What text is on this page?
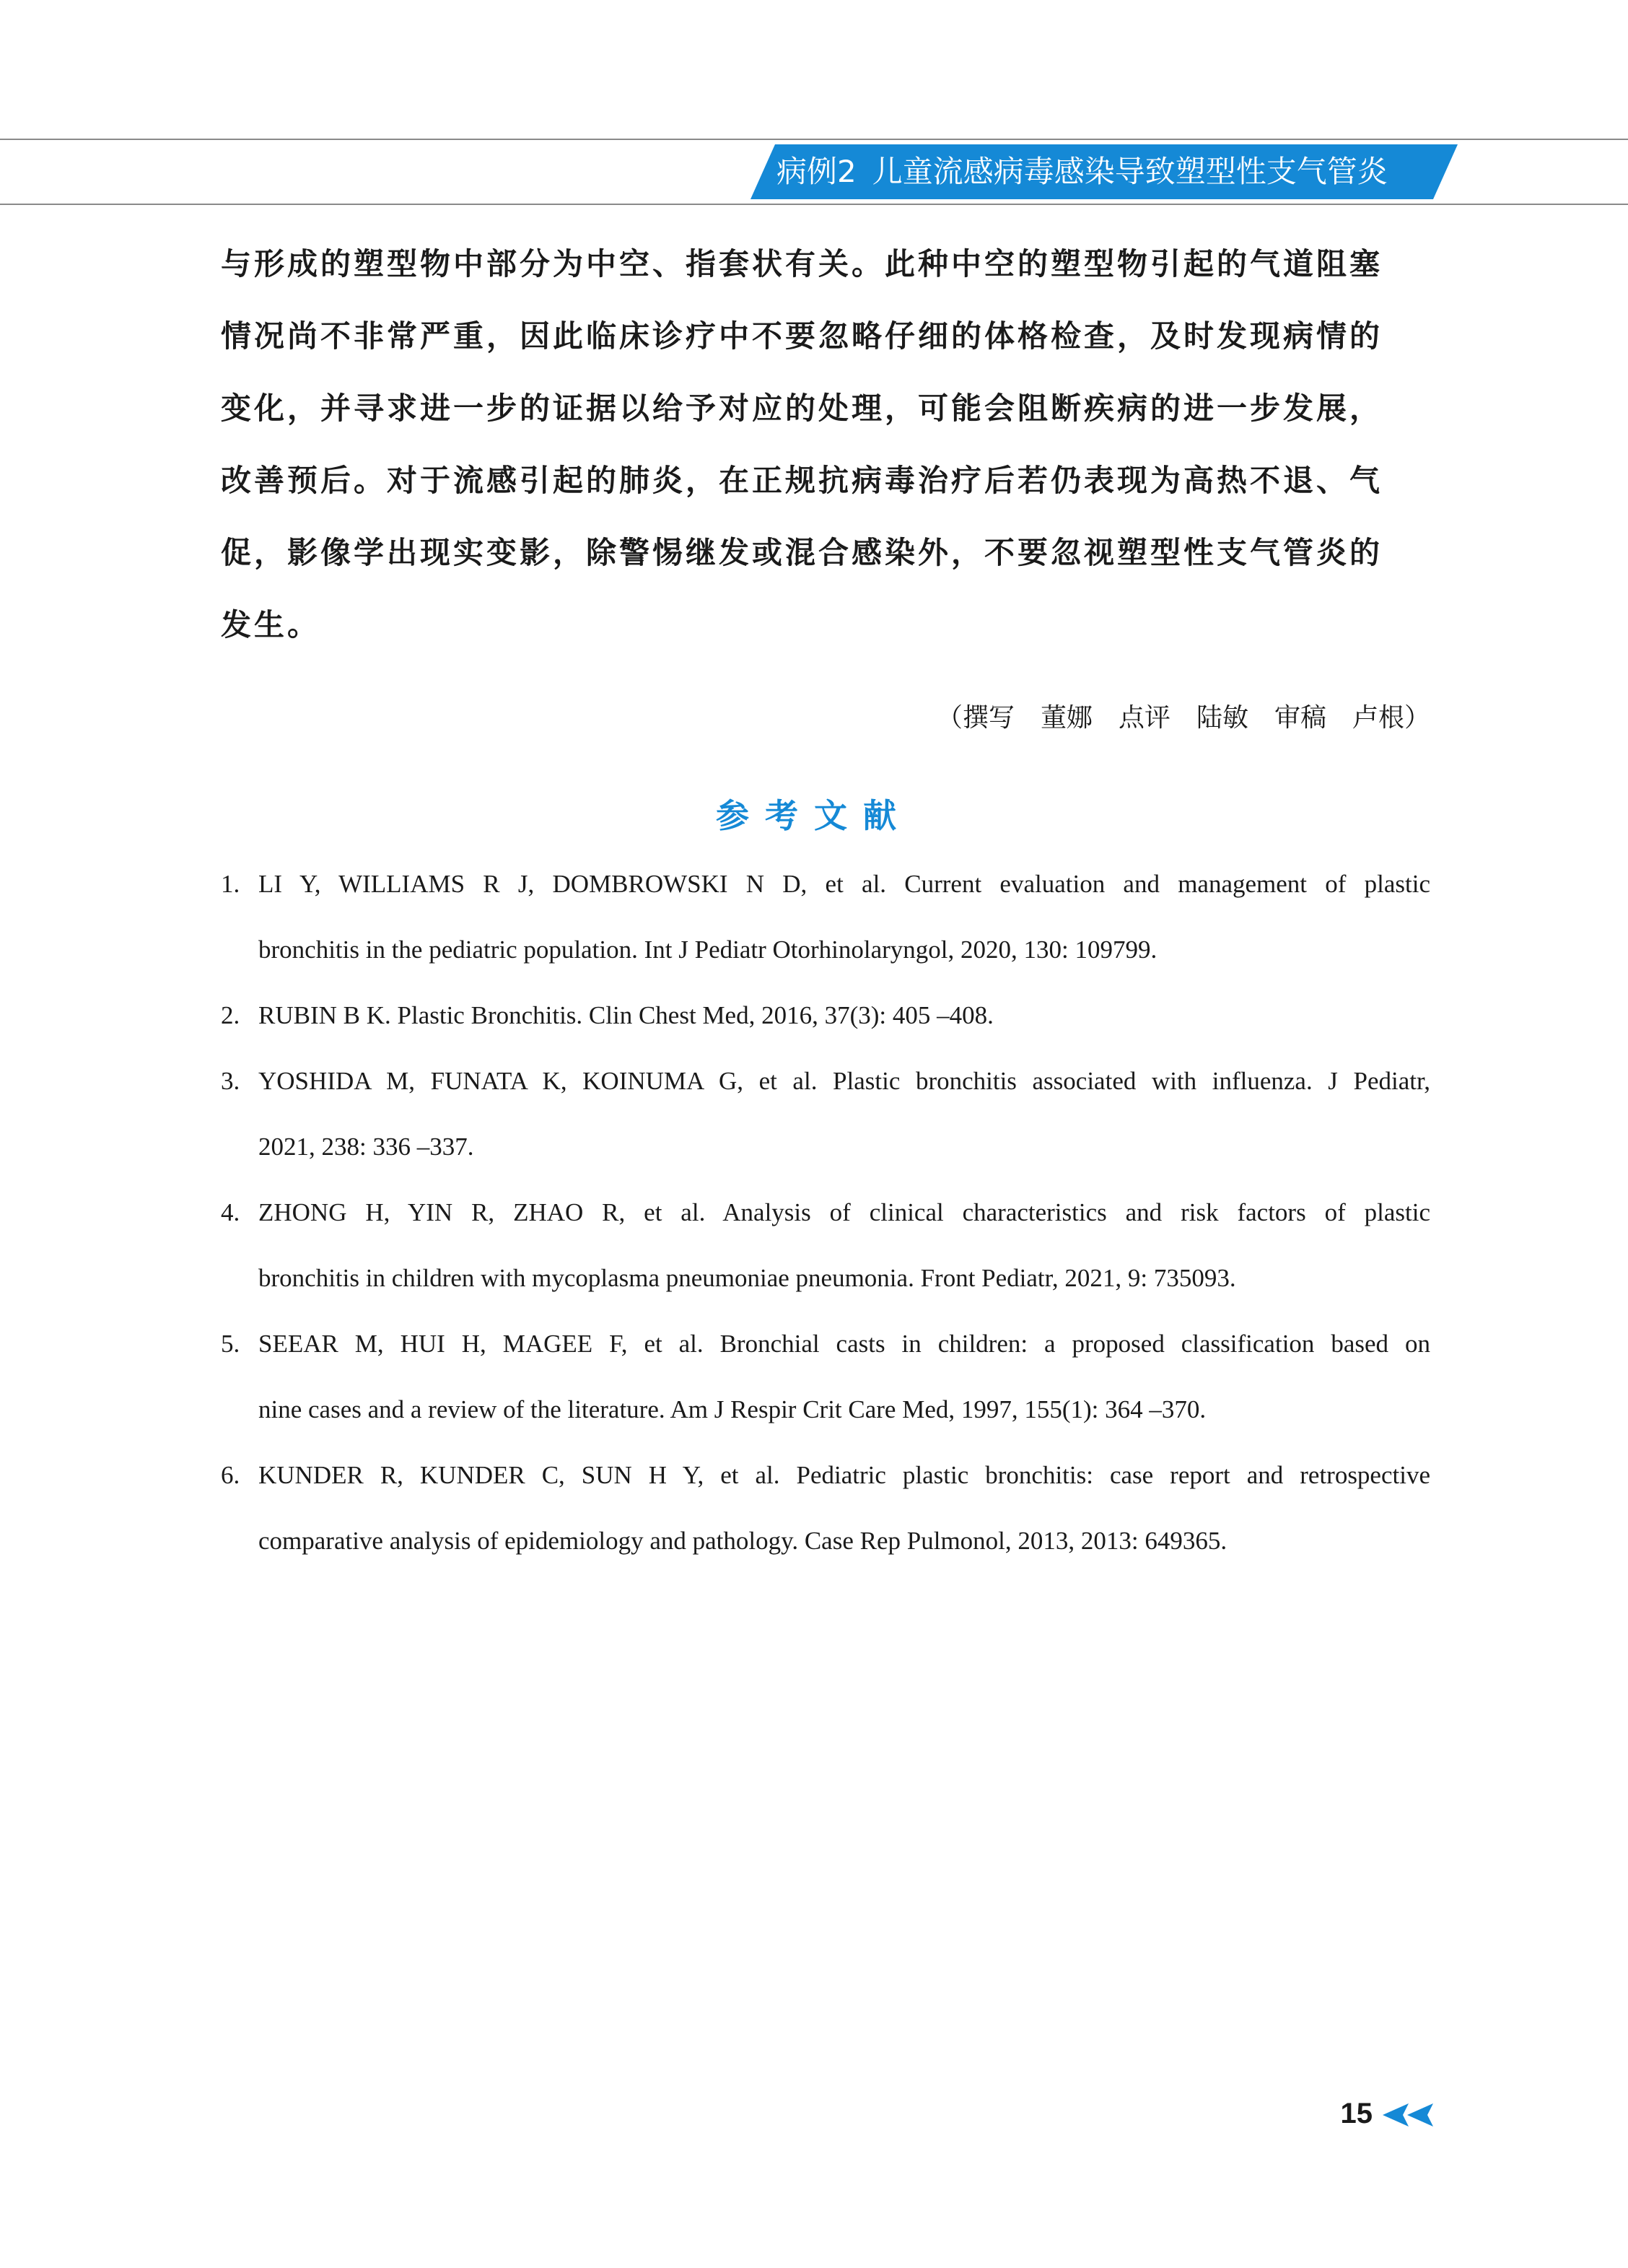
病例2 儿童流感病毒感染导致塑型性支气管炎
与形成的塑型物中部分为中空、指套状有关。此种中空的塑型物引起的气道阻塞
情况尚不非常严重，因此临床诊疗中不要忽略仔细的体格检查，及时发现病情的
变化，并寻求进一步的证据以给予对应的处理，可能会阻断疾病的进一步发展，
改善预后。对于流感引起的肺炎，在正规抗病毒治疗后若仍表现为高热不退、气
促，影像学出现实变影，除警惕继发或混合感染外，不要忽视塑型性支气管炎的
发生。
（撰写　董娜　点评　陆敏　审稿　卢根）
参考文献
1. LI Y, WILLIAMS R J, DOMBROWSKI N D, et al. Current evaluation and management of plastic
bronchitis in the pediatric population. Int J Pediatr Otorhinolaryngol, 2020, 130: 109799.
2. RUBIN B K. Plastic Bronchitis. Clin Chest Med, 2016, 37(3): 405 –408.
3. YOSHIDA M, FUNATA K, KOINUMA G, et al. Plastic bronchitis associated with influenza. J Pediatr,
2021, 238: 336 –337.
4. ZHONG H, YIN R, ZHAO R, et al. Analysis of clinical characteristics and risk factors of plastic
bronchitis in children with mycoplasma pneumoniae pneumonia. Front Pediatr, 2021, 9: 735093.
5. SEEAR M, HUI H, MAGEE F, et al. Bronchial casts in children: a proposed classification based on
nine cases and a review of the literature. Am J Respir Crit Care Med, 1997, 155(1): 364 –370.
6. KUNDER R, KUNDER C, SUN H Y, et al. Pediatric plastic bronchitis: case report and retrospective
comparative analysis of epidemiology and pathology. Case Rep Pulmonol, 2013, 2013: 649365.
15
